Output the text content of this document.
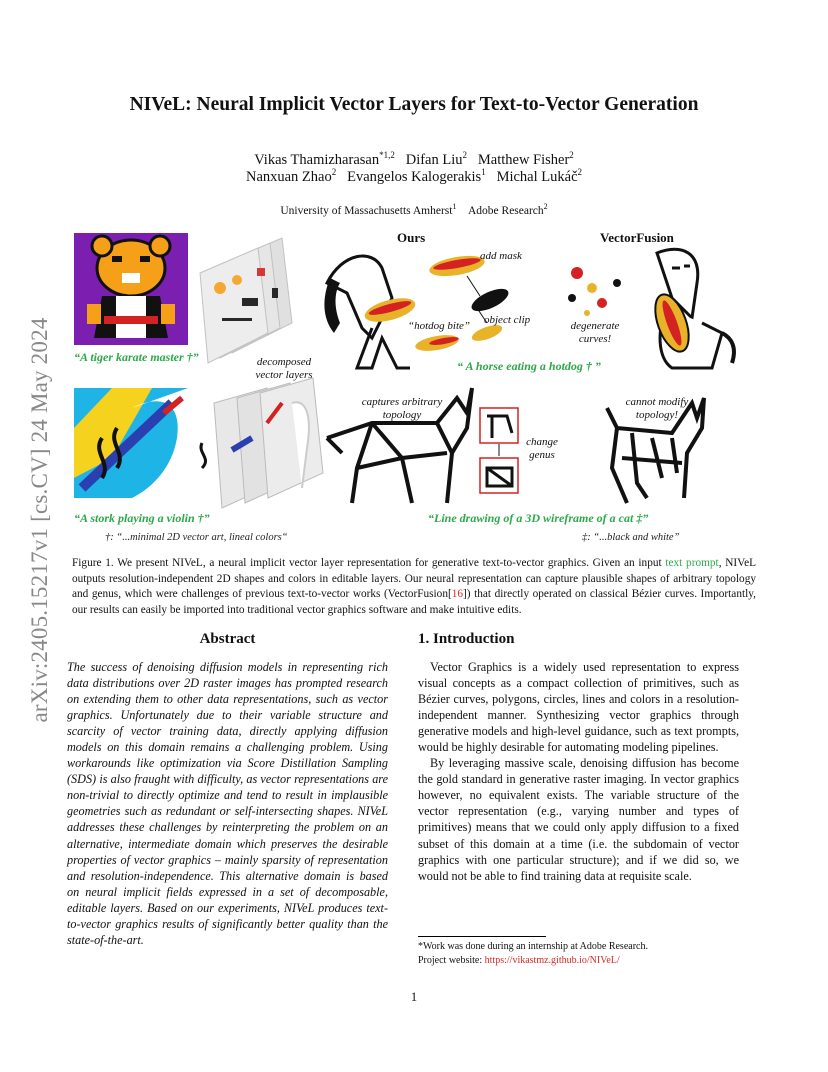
arXiv:2405.15217v1 [cs.CV] 24 May 2024
NIVeL: Neural Implicit Vector Layers for Text-to-Vector Generation
Vikas Thamizharasan$^{*1,2}$   Difan Liu$^2$   Matthew Fisher$^2$
Nanxuan Zhao$^2$   Evangelos Kalogerakis$^1$   Michal Lukáč$^2$
University of Massachusetts Amherst$^1$    Adobe Research$^2$
Ours	VectorFusion
“A tiger karate master †”
“ A horse eating a hotdog † ”
“A stork playing a violin †”	“Line drawing of a 3D wireframe of a cat ‡”
decomposed
vector layers
add mask
“hotdog bite” object clip	degenerate
curves!
captures arbitrary
topology
change
genus
cannot modify
topology!
†: “...minimal 2D vector art, lineal colors“	‡: “...black and white”
Figure 1. We present NIVeL, a neural implicit vector layer representation for generative text-to-vector graphics. Given an input text prompt, NIVeL outputs resolution-independent 2D shapes and colors in editable layers. Our neural representation can capture plausible shapes of arbitrary topology and genus, which were challenges of previous text-to-vector works (VectorFusion[16]) that directly operated on classical Bézier curves. Importantly, our results can easily be imported into traditional vector graphics software and make intuitive edits.
Abstract	1. Introduction
The success of denoising diffusion models in representing rich data distributions over 2D raster images has prompted research on extending them to other data representations, such as vector graphics. Unfortunately due to their variable structure and scarcity of vector training data, directly applying diffusion models on this domain remains a challenging problem. Using workarounds like optimization via Score Distillation Sampling (SDS) is also fraught with difficulty, as vector representations are non-trivial to directly optimize and tend to result in implausible geometries such as redundant or self-intersecting shapes. NIVeL addresses these challenges by reinterpreting the problem on an alternative, intermediate domain which preserves the desirable properties of vector graphics – mainly sparsity of representation and resolution-independence. This alternative domain is based on neural implicit fields expressed in a set of decomposable, editable layers. Based on our experiments, NIVeL produces text-to-vector graphics results of significantly better quality than the state-of-the-art.

Vector Graphics is a widely used representation to express visual concepts as a compact collection of primitives, such as Bézier curves, polygons, circles, lines and colors in a resolution-independent manner. Synthesizing vector graphics through generative models and high-level guidance, such as text prompts, would be highly desirable for automating modeling pipelines.

By leveraging massive scale, denoising diffusion has become the gold standard in generative raster imaging. In vector graphics however, no equivalent exists. The variable structure of the vector representation (e.g., varying number and types of primitives) means that we could only apply diffusion to a fixed subset of this domain at a time (i.e. the subdomain of vector graphics with one particular structure); and if we did so, we would not be able to find training data at requisite scale.

*Work was done during an internship at Adobe Research.
Project website: https://vikastmz.github.io/NIVeL/
1
